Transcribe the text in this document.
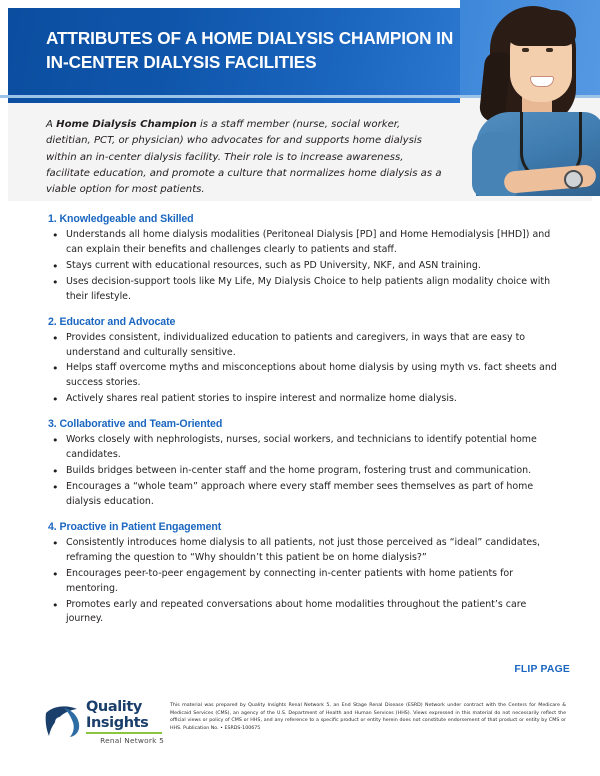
ATTRIBUTES OF A HOME DIALYSIS CHAMPION IN IN-CENTER DIALYSIS FACILITIES

A Home Dialysis Champion is a staff member (nurse, social worker, dietitian, PCT, or physician) who advocates for and supports home dialysis within an in-center dialysis facility. Their role is to increase awareness, facilitate education, and promote a culture that normalizes home dialysis as a viable option for most patients.

1. Knowledgeable and Skilled
• Understands all home dialysis modalities (Peritoneal Dialysis [PD] and Home Hemodialysis [HHD]) and can explain their benefits and challenges clearly to patients and staff.
• Stays current with educational resources, such as PD University, NKF, and ASN training.
• Uses decision-support tools like My Life, My Dialysis Choice to help patients align modality choice with their lifestyle.
2. Educator and Advocate
• Provides consistent, individualized education to patients and caregivers, in ways that are easy to understand and culturally sensitive.
• Helps staff overcome myths and misconceptions about home dialysis by using myth vs. fact sheets and success stories.
• Actively shares real patient stories to inspire interest and normalize home dialysis.
3. Collaborative and Team-Oriented
• Works closely with nephrologists, nurses, social workers, and technicians to identify potential home candidates.
• Builds bridges between in-center staff and the home program, fostering trust and communication.
• Encourages a “whole team” approach where every staff member sees themselves as part of home dialysis education.
4. Proactive in Patient Engagement
• Consistently introduces home dialysis to all patients, not just those perceived as “ideal” candidates, reframing the question to “Why shouldn’t this patient be on home dialysis?”
• Encourages peer-to-peer engagement by connecting in-center patients with home patients for mentoring.
• Promotes early and repeated conversations about home modalities throughout the patient’s care journey.
FLIP PAGE
Quality
Insights
Renal Network 5
This material was prepared by Quality Insights Renal Network 5, an End Stage Renal Disease (ESRD) Network under contract with the Centers for Medicare & Medicaid Services (CMS), an agency of the U.S. Department of Health and Human Services (HHS). Views expressed in this material do not necessarily reflect the official views or policy of CMS or HHS, and any reference to a specific product or entity herein does not constitute endorsement of that product or entity by CMS or HHS. Publication No. • ESRDS-100675
